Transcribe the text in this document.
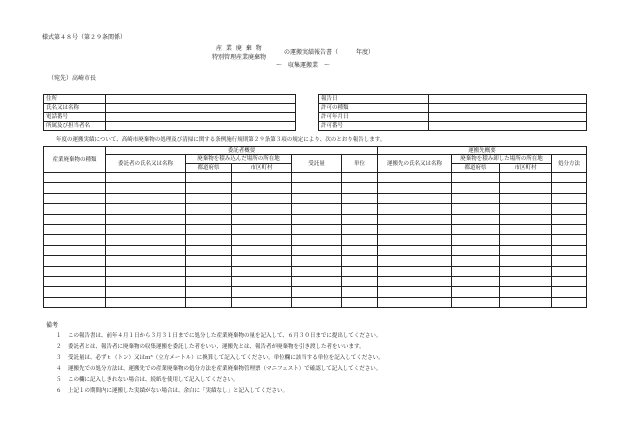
様式第４８号（第２９条関係）
産 業 廃 棄 物
特別管理産業廃棄物
の運搬実績報告書（　　　年度）
〜　収集運搬業　〜
（宛先）高崎市長
住所	
氏名又は名称	
電話番号	
所属及び担当者名	
報告日	
許可の種類	
許可年月日	
許可番号	
年度の運搬実績について、高崎市廃棄物の処理及び清掃に関する条例施行規則第２９条第３項の規定により、次のとおり報告します。
産業廃棄物の種類	委託者概要					運搬先概要			
	委託者の氏名又は名称	廃棄物を積み込んだ場所の所在地		受託量	単位	運搬先の氏名又は名称	廃棄物を積み卸した場所の所在地		処分方法
		都道府県	市区町村				都道府県	市区町村	

備考
１ この報告書は、前年４月１日から３月３１日までに処分した産業廃棄物の量を記入して、６月３０日までに提出してください。
２ 委託者とは、報告者に廃棄物の収集運搬を委託した者をいい、運搬先とは、報告者が廃棄物を引き渡した者をいいます。
３ 受託量は、必ずｔ（トン）又はｍ³（立方メートル）に換算して記入してください。単位欄に該当する単位を記入してください。
４ 運搬先での処分方法は、運搬先での産業廃棄物の処分方法を産業廃棄物管理票（マニフェスト）で確認して記入してください。
５ この欄に記入しきれない場合は、続紙を使用して記入してください。
６ 上記１の期間内に運搬した実績がない場合は、余白に「実績なし」と記入してください。
